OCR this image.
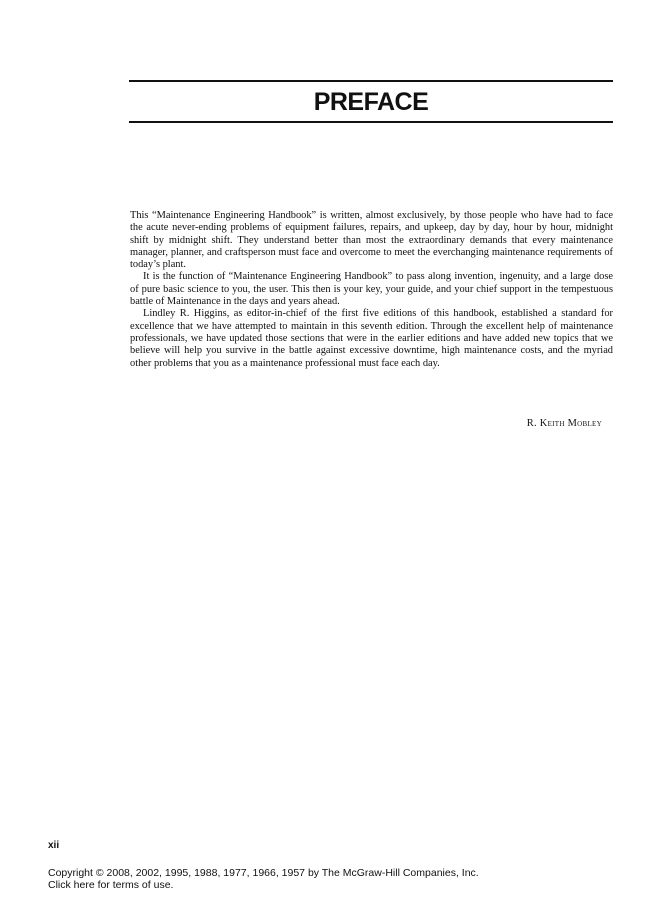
PREFACE

This “Maintenance Engineering Handbook” is written, almost exclusively, by those people who have had to face the acute never-ending problems of equipment failures, repairs, and upkeep, day by day, hour by hour, midnight shift by midnight shift. They understand better than most the extraordinary demands that every maintenance manager, planner, and craftsperson must face and overcome to meet the everchanging maintenance requirements of today’s plant.

It is the function of “Maintenance Engineering Handbook” to pass along invention, ingenuity, and a large dose of pure basic science to you, the user. This then is your key, your guide, and your chief support in the tempestuous battle of Maintenance in the days and years ahead.

Lindley R. Higgins, as editor-in-chief of the first five editions of this handbook, established a standard for excellence that we have attempted to maintain in this seventh edition. Through the excellent help of maintenance professionals, we have updated those sections that were in the earlier editions and have added new topics that we believe will help you survive in the battle against excessive downtime, high maintenance costs, and the myriad other problems that you as a maintenance professional must face each day.

R. Keith Mobley
xii
Copyright © 2008, 2002, 1995, 1988, 1977, 1966, 1957 by The McGraw-Hill Companies, Inc.
Click here for terms of use.
